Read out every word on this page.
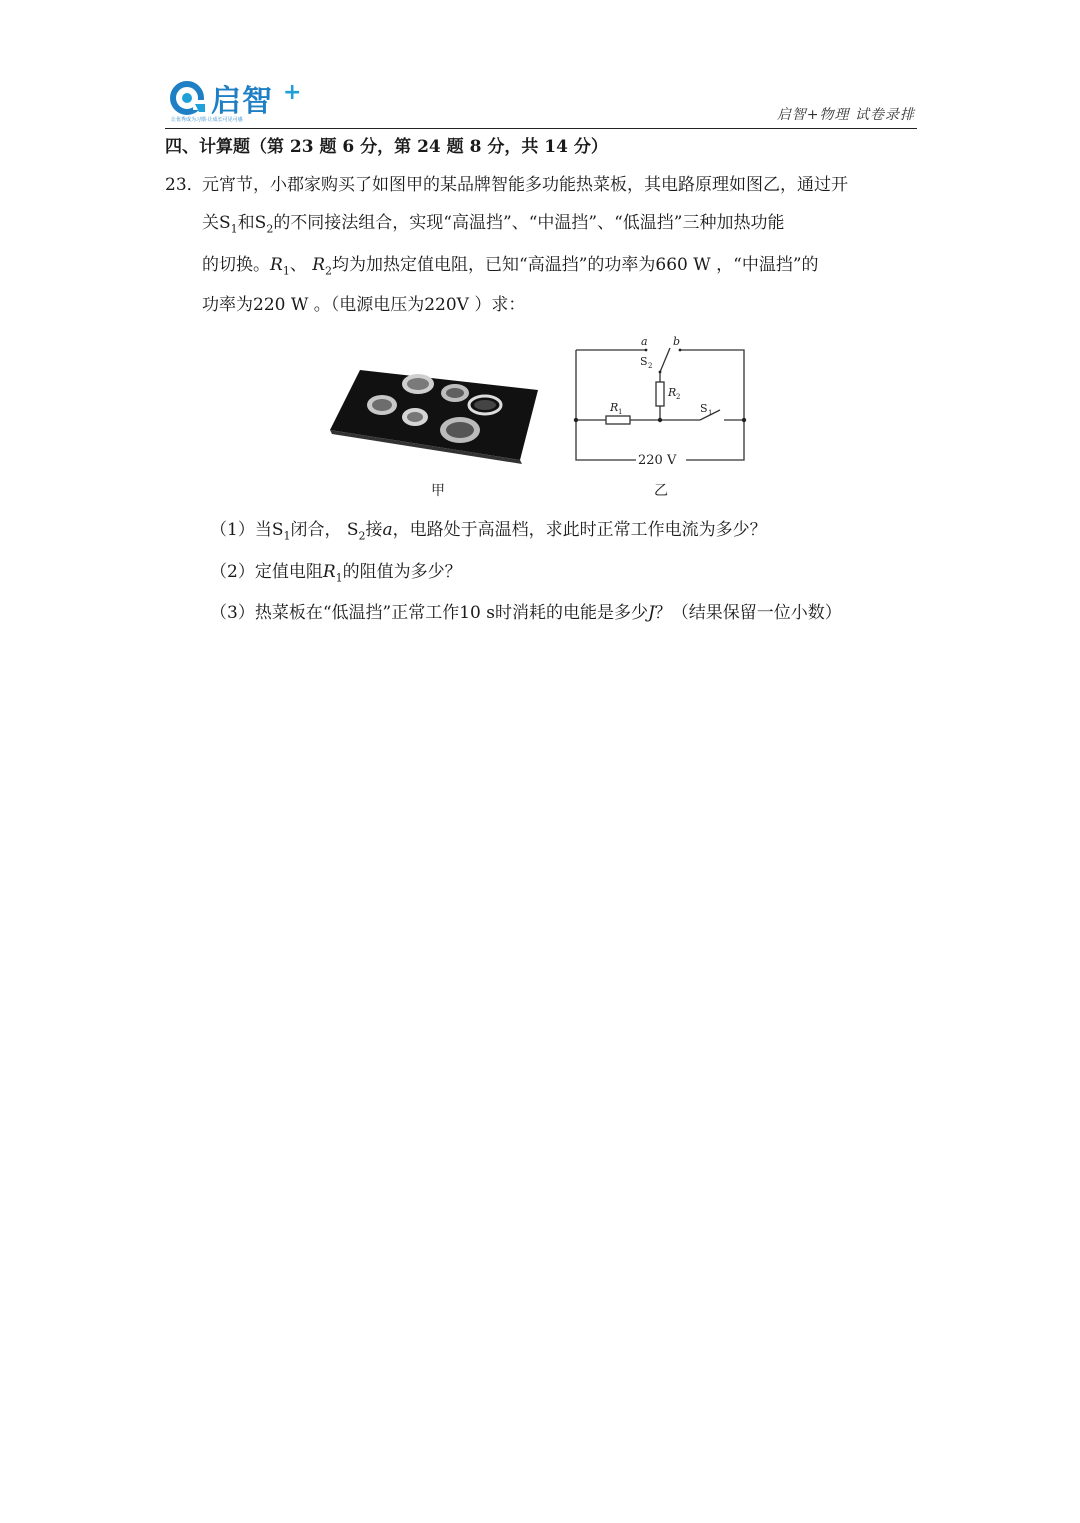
启智 +
让优秀成为习惯·让成长可见可感	启智+物理 试卷录排
四、计算题（第 23 题 6 分，第 24 题 8 分，共 14 分）
23．
元宵节，小郡家购买了如图甲的某品牌智能多功能热菜板，其电路原理如图乙，通过开
关$S_1$和$S_2$的不同接法组合，实现“高温挡”、“中温挡”、“低温挡”三种加热功能
的切换。$R_1$、 $R_2$均为加热定值电阻，已知“高温挡”的功率为660 W ，“中温挡”的
功率为220 W 。（电源电压为220V ）求：
a b
S 2
R 2
R 1	S 1
220 V
甲	乙
（1）当$S_1$闭合， $S_2$接a，电路处于高温档，求此时正常工作电流为多少？
（2）定值电阻$R_1$的阻值为多少？
（3）热菜板在“低温挡”正常工作10 s时消耗的电能是多少J？（结果保留一位小数）
